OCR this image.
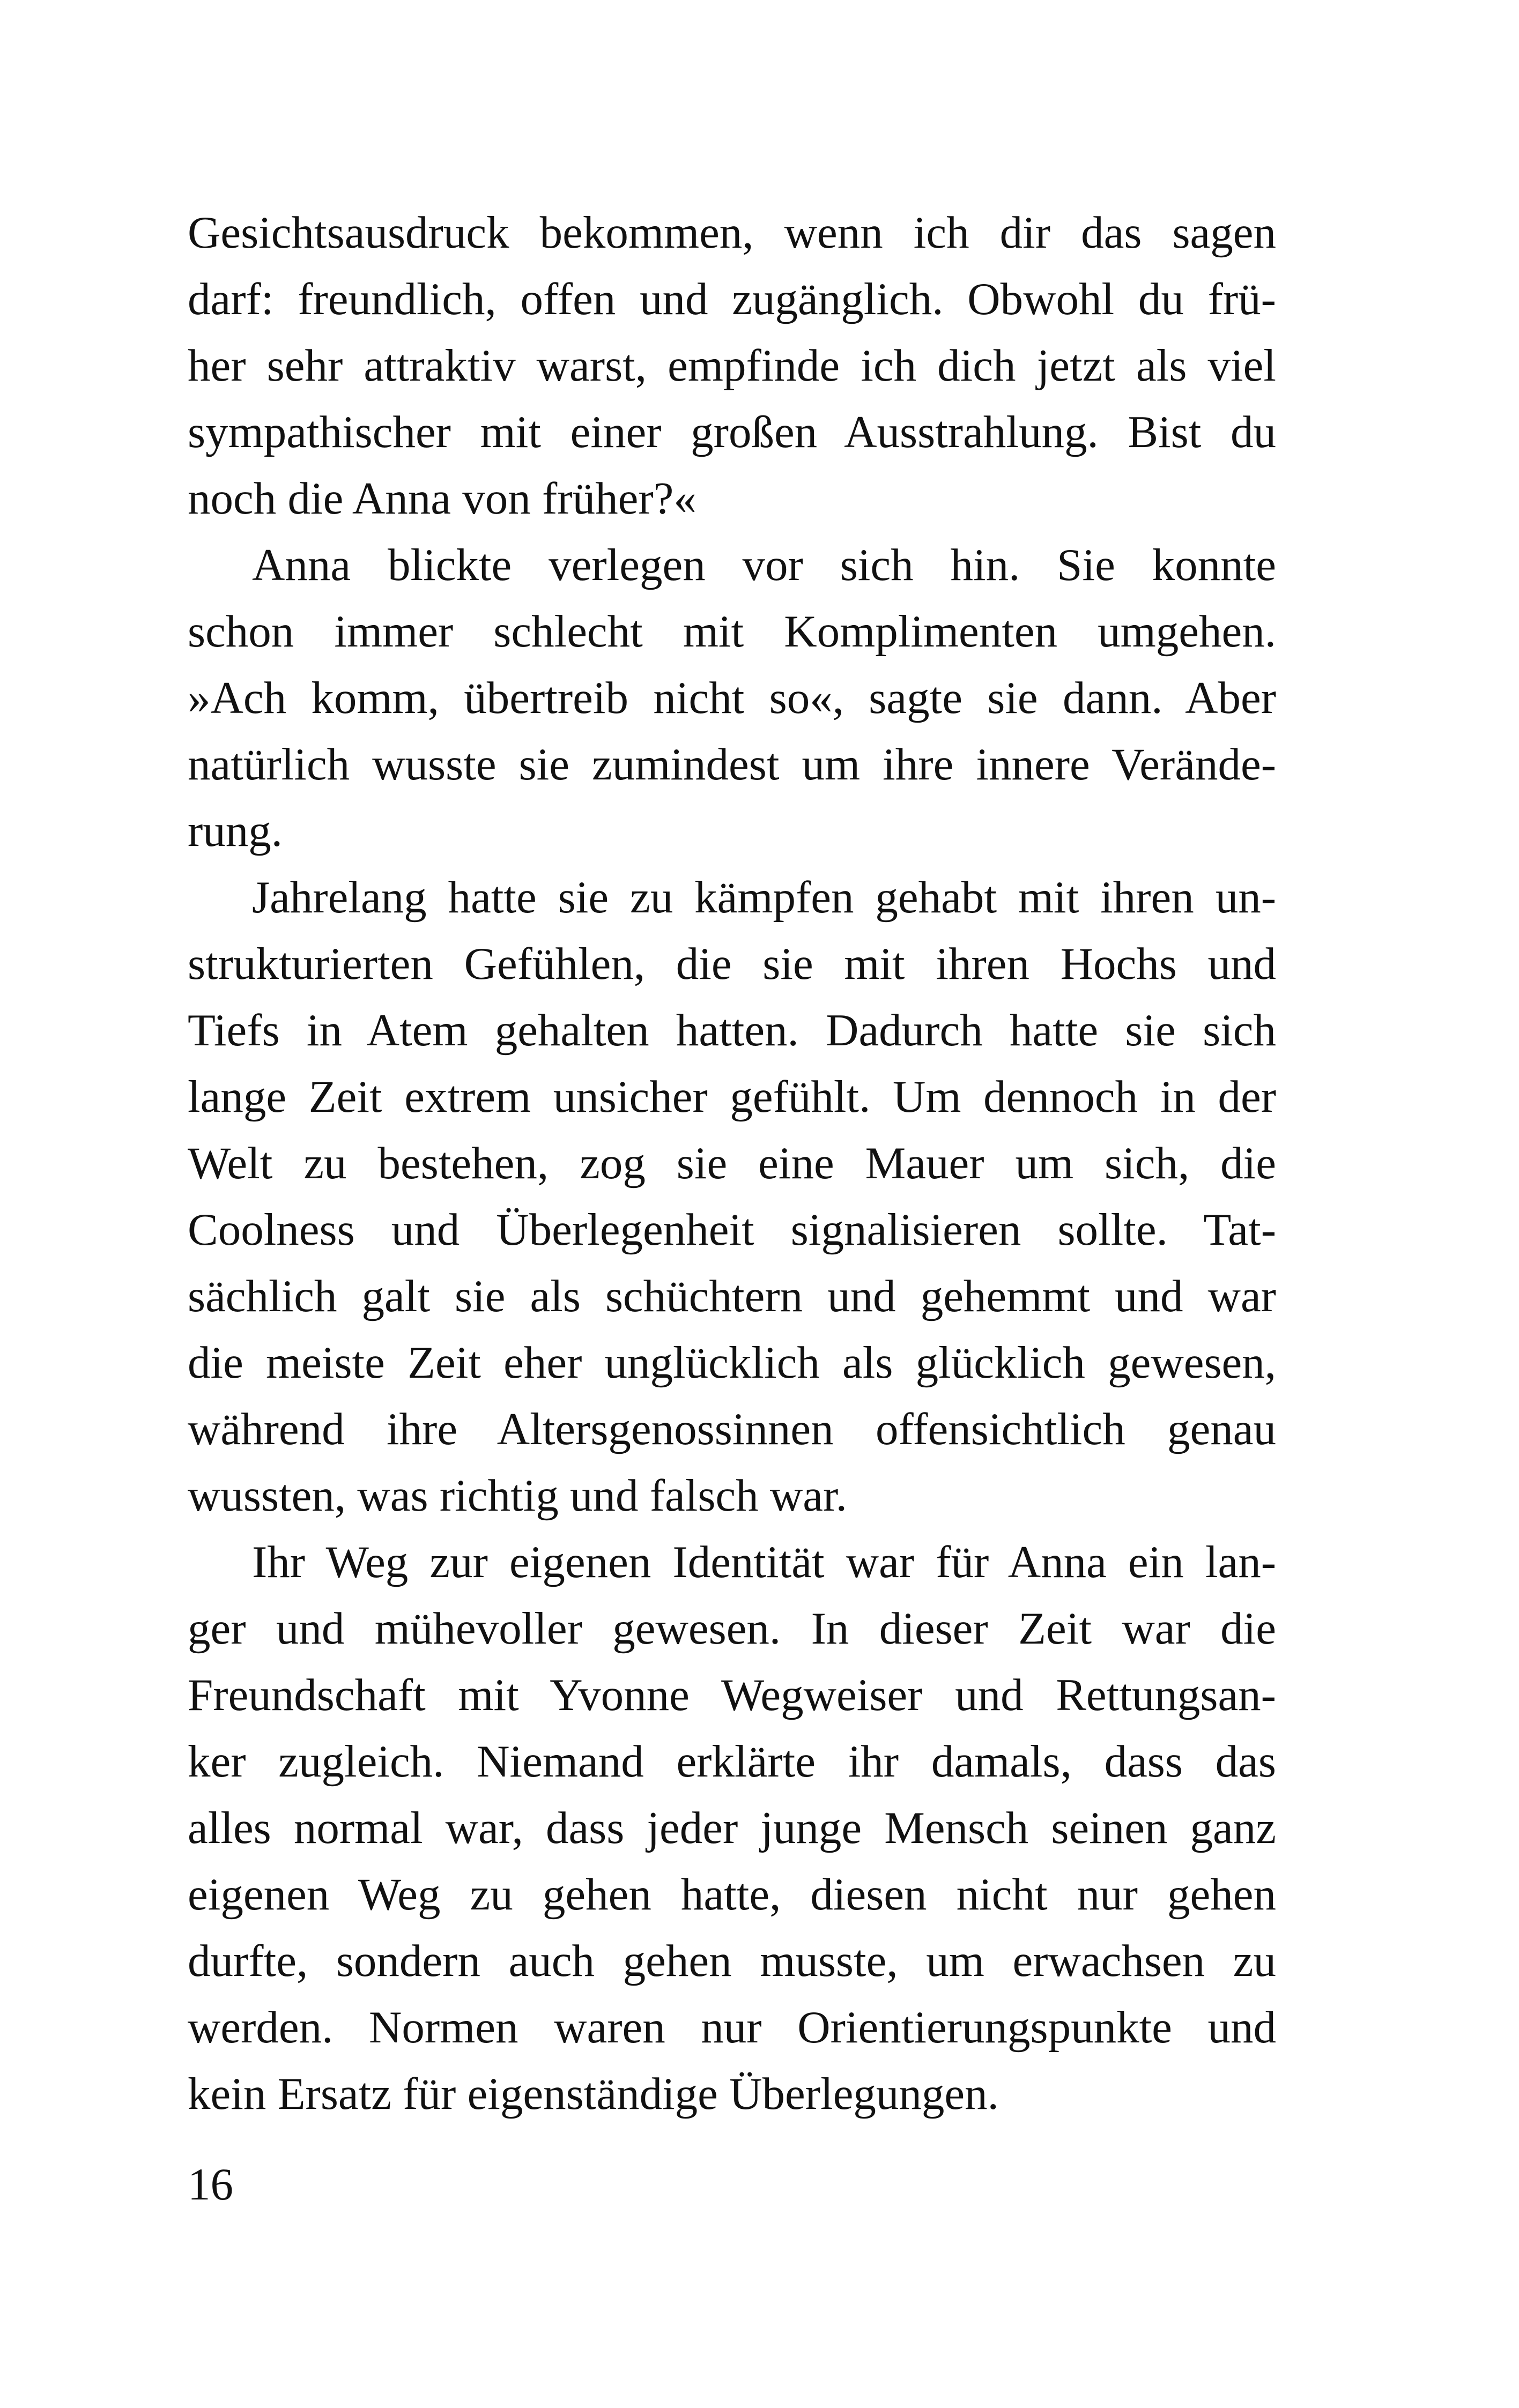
Gesichtsausdruck bekommen, wenn ich dir das sagen
darf: freundlich, offen und zugänglich. Obwohl du frü-
her sehr attraktiv warst, empfinde ich dich jetzt als viel
sympathischer mit einer großen Ausstrahlung. Bist du
noch die Anna von früher?«
Anna blickte verlegen vor sich hin. Sie konnte
schon immer schlecht mit Komplimenten umgehen.
»Ach komm, übertreib nicht so«, sagte sie dann. Aber
natürlich wusste sie zumindest um ihre innere Verände-
rung.
Jahrelang hatte sie zu kämpfen gehabt mit ihren un-
strukturierten Gefühlen, die sie mit ihren Hochs und
Tiefs in Atem gehalten hatten. Dadurch hatte sie sich
lange Zeit extrem unsicher gefühlt. Um dennoch in der
Welt zu bestehen, zog sie eine Mauer um sich, die
Coolness und Überlegenheit signalisieren sollte. Tat-
sächlich galt sie als schüchtern und gehemmt und war
die meiste Zeit eher unglücklich als glücklich gewesen,
während ihre Altersgenossinnen offensichtlich genau
wussten, was richtig und falsch war.
Ihr Weg zur eigenen Identität war für Anna ein lan-
ger und mühevoller gewesen. In dieser Zeit war die
Freundschaft mit Yvonne Wegweiser und Rettungsan-
ker zugleich. Niemand erklärte ihr damals, dass das
alles normal war, dass jeder junge Mensch seinen ganz
eigenen Weg zu gehen hatte, diesen nicht nur gehen
durfte, sondern auch gehen musste, um erwachsen zu
werden. Normen waren nur Orientierungspunkte und
kein Ersatz für eigenständige Überlegungen.
16
